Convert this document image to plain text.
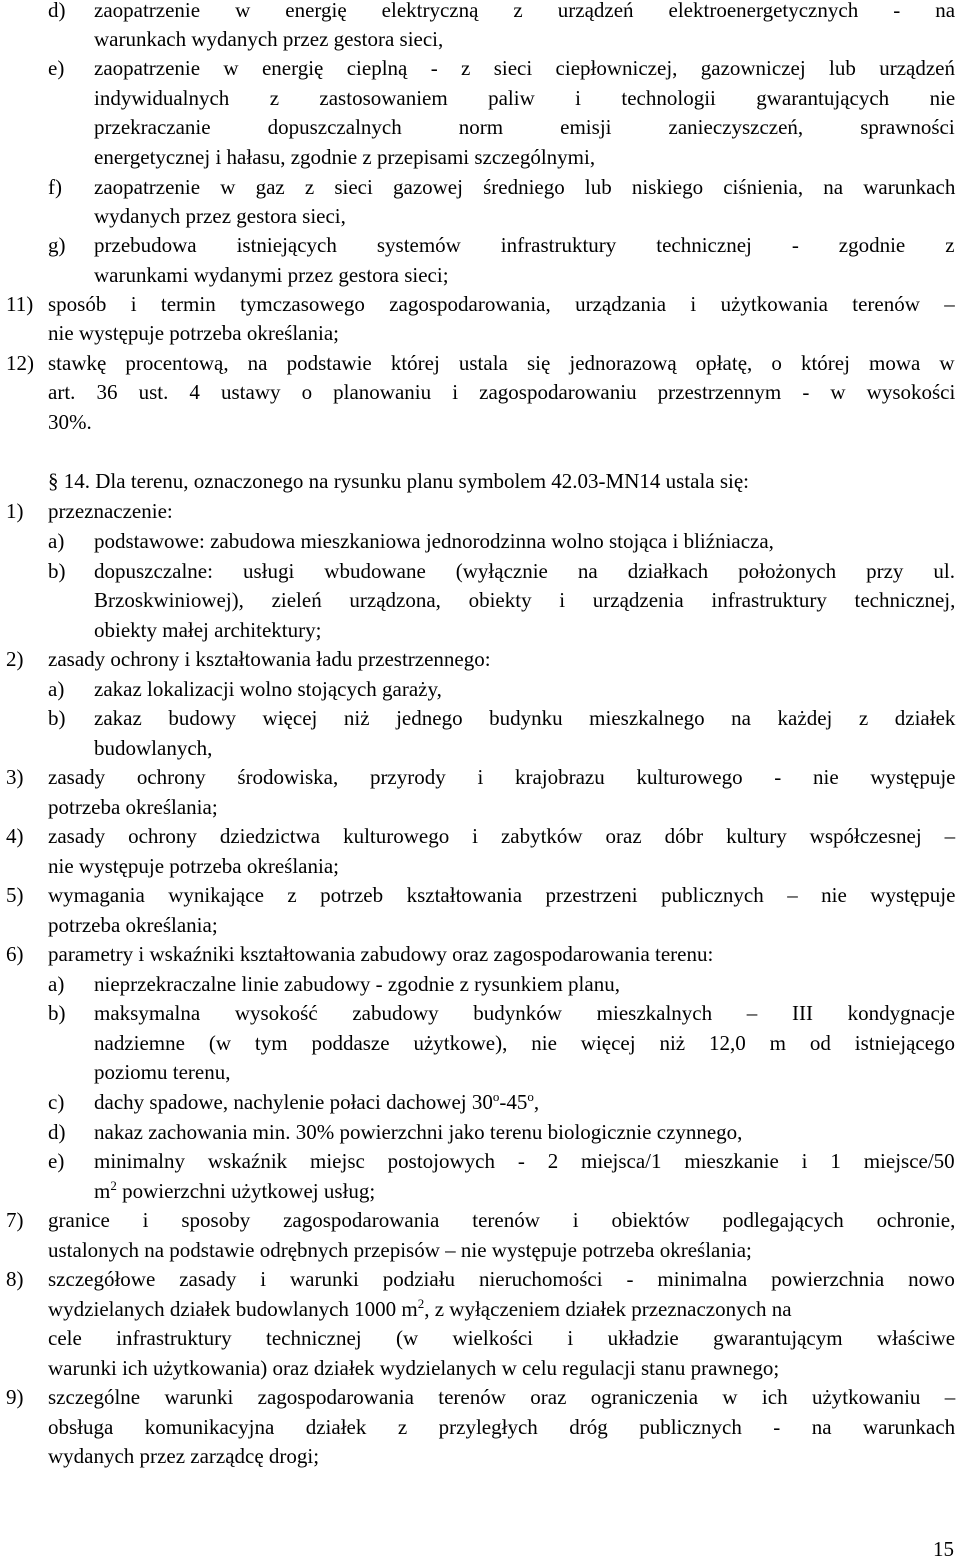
d) zaopatrzenie w energię elektryczną z urządzeń elektroenergetycznych - na
warunkach wydanych przez gestora sieci,
e) zaopatrzenie w energię cieplną - z sieci ciepłowniczej, gazowniczej lub urządzeń
indywidualnych z zastosowaniem paliw i technologii gwarantujących nie
przekraczanie dopuszczalnych norm emisji zanieczyszczeń, sprawności
energetycznej i hałasu, zgodnie z przepisami szczególnymi,
f) zaopatrzenie w gaz z sieci gazowej średniego lub niskiego ciśnienia, na warunkach
wydanych przez gestora sieci,
g) przebudowa istniejących systemów infrastruktury technicznej - zgodnie z
warunkami wydanymi przez gestora sieci;
11) sposób i termin tymczasowego zagospodarowania, urządzania i użytkowania terenów –
nie występuje potrzeba określania;
12) stawkę procentową, na podstawie której ustala się jednorazową opłatę, o której mowa w
art. 36 ust. 4 ustawy o planowaniu i zagospodarowaniu przestrzennym - w wysokości
30%.
§ 14. Dla terenu, oznaczonego na rysunku planu symbolem 42.03-MN14 ustala się:
1) przeznaczenie:
a) podstawowe: zabudowa mieszkaniowa jednorodzinna wolno stojąca i bliźniacza,
b) dopuszczalne: usługi wbudowane (wyłącznie na działkach położonych przy ul.
Brzoskwiniowej), zieleń urządzona, obiekty i urządzenia infrastruktury technicznej,
obiekty małej architektury;
2) zasady ochrony i kształtowania ładu przestrzennego:
a) zakaz lokalizacji wolno stojących garaży,
b) zakaz budowy więcej niż jednego budynku mieszkalnego na każdej z działek
budowlanych,
3) zasady ochrony środowiska, przyrody i krajobrazu kulturowego - nie występuje
potrzeba określania;
4) zasady ochrony dziedzictwa kulturowego i zabytków oraz dóbr kultury współczesnej –
nie występuje potrzeba określania;
5) wymagania wynikające z potrzeb kształtowania przestrzeni publicznych – nie występuje
potrzeba określania;
6) parametry i wskaźniki kształtowania zabudowy oraz zagospodarowania terenu:
a) nieprzekraczalne linie zabudowy - zgodnie z rysunkiem planu,
b) maksymalna wysokość zabudowy budynków mieszkalnych – III kondygnacje
nadziemne (w tym poddasze użytkowe), nie więcej niż 12,0 m od istniejącego
poziomu terenu,
c) dachy spadowe, nachylenie połaci dachowej 30$^o$-45$^o$,
d) nakaz zachowania min. 30% powierzchni jako terenu biologicznie czynnego,
e) minimalny wskaźnik miejsc postojowych - 2 miejsca/1 mieszkanie i 1 miejsce/50
$m^2$ powierzchni użytkowej usług;
7) granice i sposoby zagospodarowania terenów i obiektów podlegających ochronie,
ustalonych na podstawie odrębnych przepisów – nie występuje potrzeba określania;
8) szczegółowe zasady i warunki podziału nieruchomości - minimalna powierzchnia nowo
wydzielanych działek budowlanych 1000 $m^2$, z wyłączeniem działek przeznaczonych na
cele infrastruktury technicznej (w wielkości i układzie gwarantującym właściwe
warunki ich użytkowania) oraz działek wydzielanych w celu regulacji stanu prawnego;
9) szczególne warunki zagospodarowania terenów oraz ograniczenia w ich użytkowaniu –
obsługa komunikacyjna działek z przyległych dróg publicznych - na warunkach
wydanych przez zarządcę drogi;
15
